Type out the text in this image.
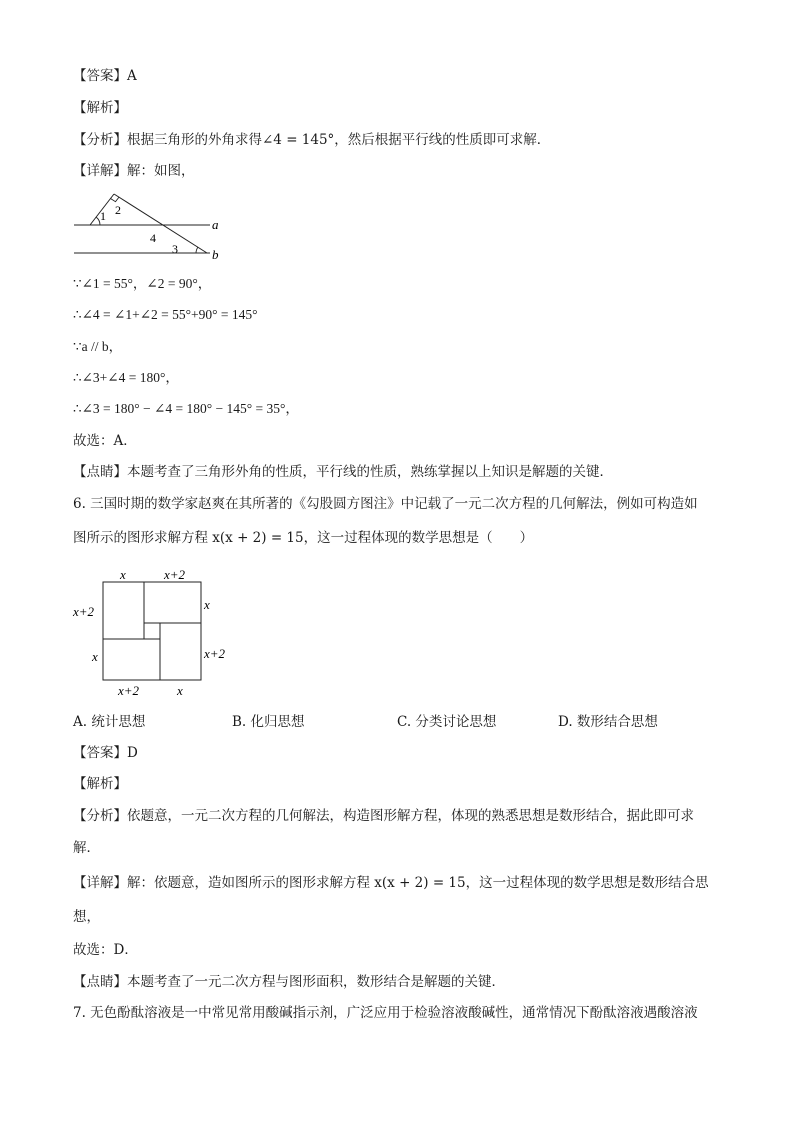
【答案】A
【解析】
【分析】根据三角形的外角求得∠4 = 145°，然后根据平行线的性质即可求解．
【详解】解：如图，
1 2
4
3
a
b
∵∠1 = 55°，∠2 = 90°，
∴∠4 = ∠1+∠2 = 55°+90° = 145°
∵a // b，
∴∠3+∠4 = 180°，
∴∠3 = 180° − ∠4 = 180° − 145° = 35°，
故选：A．
【点睛】本题考查了三角形外角的性质，平行线的性质，熟练掌握以上知识是解题的关键．
6. 三国时期的数学家赵爽在其所著的《勾股圆方图注》中记载了一元二次方程的几何解法，例如可构造如
图所示的图形求解方程 x(x + 2) = 15，这一过程体现的数学思想是（　　）
x	x+2
x
x+2
x+2
x
x+2	x
A. 统计思想	B. 化归思想	C. 分类讨论思想	D. 数形结合思想
【答案】D
【解析】
【分析】依题意，一元二次方程的几何解法，构造图形解方程，体现的熟悉思想是数形结合，据此即可求
解．
【详解】解：依题意，造如图所示的图形求解方程 x(x + 2) = 15，这一过程体现的数学思想是数形结合思
想，
故选：D．
【点睛】本题考查了一元二次方程与图形面积，数形结合是解题的关键．
7. 无色酚酞溶液是一中常见常用酸碱指示剂，广泛应用于检验溶液酸碱性，通常情况下酚酞溶液遇酸溶液
